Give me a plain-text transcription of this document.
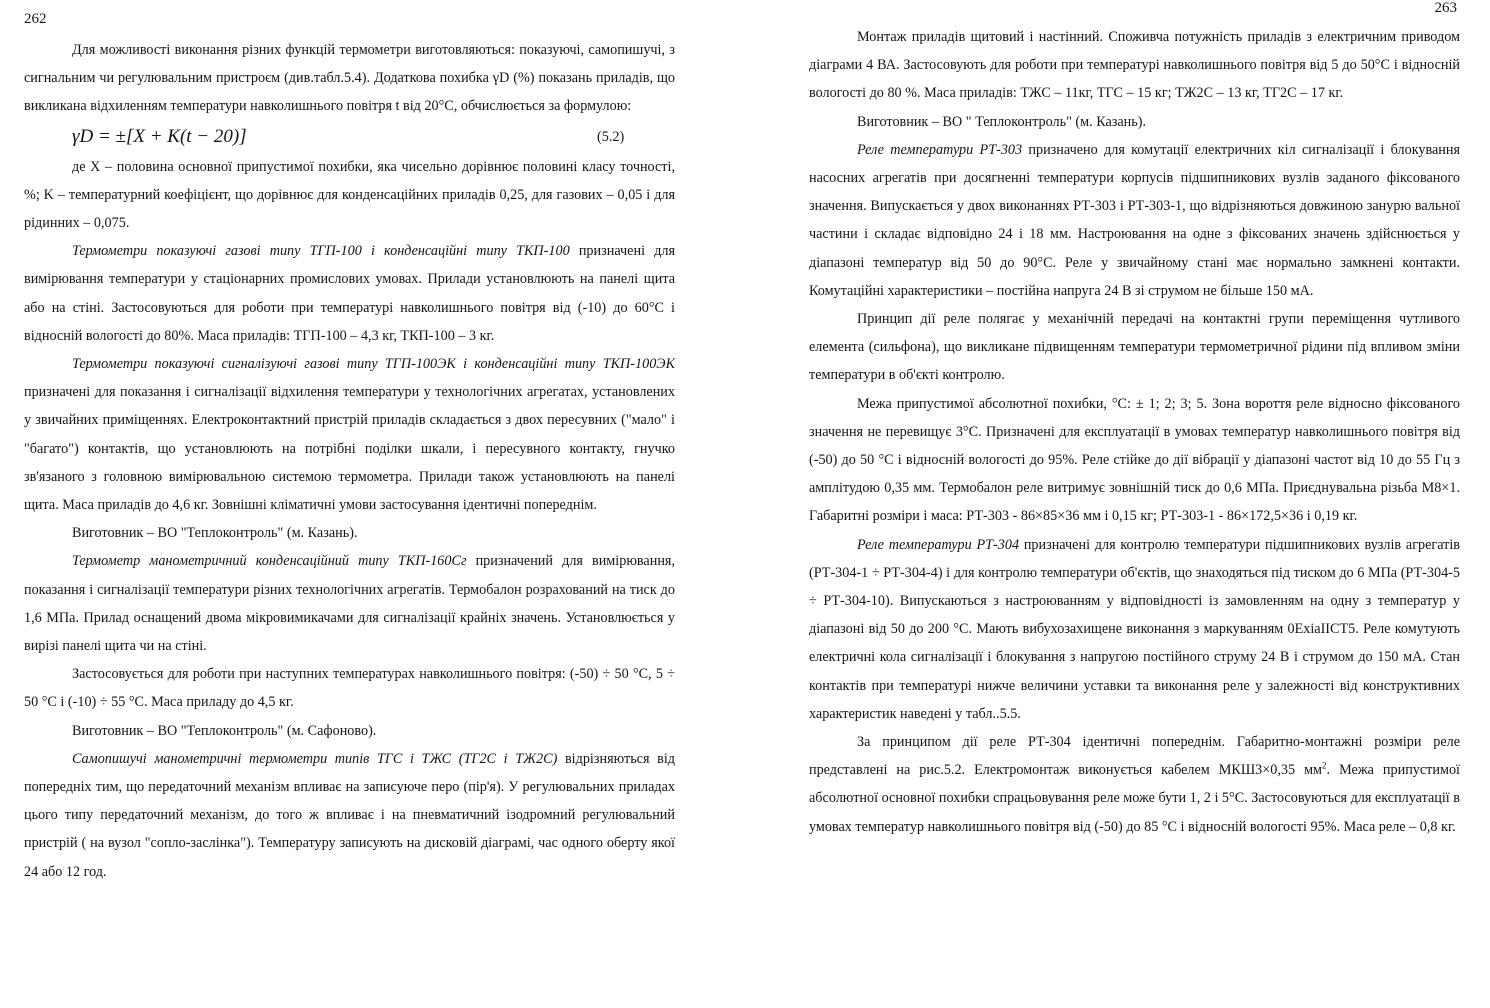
262

Для можливості виконання різних функцій термометри виготовляються: показуючі, самопишучі, з сигнальним чи регулювальним пристроєм (див.табл.5.4). Додаткова похибка γD (%) показань приладів, що викликана відхиленням температури навколишнього повітря t від 20°С, обчислюється за формулою:

γD = ±[X + K(t − 20)]	(5.2)

де X – половина основної припустимої похибки, яка чисельно дорівнює половині класу точності, %; K – температурний коефіцієнт, що дорівнює для конденсаційних приладів 0,25, для газових – 0,05 і для рідинних – 0,075.

Термометри показуючі газові типу ТГП-100 і конденсаційні типу ТКП-100 призначені для вимірювання температури у стаціонарних промислових умовах. Прилади установлюють на панелі щита або на стіні. Застосовуються для роботи при температурі навколишнього повітря від (-10) до 60°С і відносній вологості до 80%. Маса приладів: ТГП-100 – 4,3 кг, ТКП-100 – 3 кг.

Термометри показуючі сигналізуючі газові типу ТГП-100ЭК і конденсаційні типу ТКП-100ЭК призначені для показання і сигналізації відхилення температури у технологічних агрегатах, установлених у звичайних приміщеннях. Електроконтактний пристрій приладів складається з двох пересувних ("мало" і "багато") контактів, що установлюють на потрібні поділки шкали, і пересувного контакту, гнучко зв'язаного з головною вимірювальною системою термометра. Прилади також установлюють на панелі щита. Маса приладів до 4,6 кг. Зовнішні кліматичні умови застосування ідентичні попереднім.

Виготовник – ВО "Теплоконтроль" (м. Казань).

Термометр манометричний конденсаційний типу ТКП-160Сг призначений для вимірювання, показання і сигналізації температури різних технологічних агрегатів. Термобалон розрахований на тиск до 1,6 МПа. Прилад оснащений двома мікровимикачами для сигналізації крайніх значень. Установлюється у вирізі панелі щита чи на стіні.

Застосовується для роботи при наступних температурах навколишнього повітря: (-50) ÷ 50 °С, 5 ÷ 50 °С і (-10) ÷ 55 °С. Маса приладу до 4,5 кг.

Виготовник – ВО "Теплоконтроль" (м. Сафоново).

Самопишучі манометричні термометри типів ТГС і ТЖС (ТГ2С і ТЖ2С) відрізняються від попередніх тим, що передаточний механізм впливає на записуюче перо (пір'я). У регулювальних приладах цього типу передаточний механізм, до того ж впливає і на пневматичний ізодромний регулювальний пристрій ( на вузол "сопло-заслінка"). Температуру записують на дисковій діаграмі, час одного оберту якої 24 або 12 год.

263

Монтаж приладів щитовий і настінний. Споживча потужність приладів з електричним приводом діаграми 4 ВА. Застосовують для роботи при температурі навколишнього повітря від 5 до 50°С і відносній вологості до 80 %. Маса приладів: ТЖС – 11кг, ТГС – 15 кг; ТЖ2С – 13 кг, ТГ2С – 17 кг.

Виготовник – ВО " Теплоконтроль" (м. Казань).

Реле температури РТ-303 призначено для комутації електричних кіл сигналізації і блокування насосних агрегатів при досягненні температури корпусів підшипникових вузлів заданого фіксованого значення. Випускається у двох виконаннях РТ-303 і РТ-303-1, що відрізняються довжиною занурю вальної частини і складає відповідно 24 і 18 мм. Настроювання на одне з фіксованих значень здійснюється у діапазоні температур від 50 до 90°С. Реле у звичайному стані має нормально замкнені контакти. Комутаційні характеристики – постійна напруга 24 В зі струмом не більше 150 мА.

Принцип дії реле полягає у механічній передачі на контактні групи переміщення чутливого елемента (сильфона), що викликане підвищенням температури термометричної рідини під впливом зміни температури в об'єкті контролю.

Межа припустимої абсолютної похибки, °С: ± 1; 2; 3; 5. Зона вороття реле відносно фіксованого значення не перевищує 3°С. Призначені для експлуатації в умовах температур навколишнього повітря від (-50) до 50 °С і відносній вологості до 95%. Реле стійке до дії вібрації у діапазоні частот від 10 до 55 Гц з амплітудою 0,35 мм. Термобалон реле витримує зовнішній тиск до 0,6 МПа. Приєднувальна різьба М8×1. Габаритні розміри і маса: РТ-303 - 86×85×36 мм і 0,15 кг; РТ-303-1 - 86×172,5×36 і 0,19 кг.

Реле температури РТ-304 призначені для контролю температури підшипникових вузлів агрегатів (РТ-304-1 ÷ РТ-304-4) і для контролю температури об'єктів, що знаходяться під тиском до 6 МПа (РТ-304-5 ÷ РТ-304-10). Випускаються з настроюванням у відповідності із замовленням на одну з температур у діапазоні від 50 до 200 °С. Мають вибухозахищене виконання з маркуванням 0ExiaIICT5. Реле комутують електричні кола сигналізації і блокування з напругою постійного струму 24 В і струмом до 150 мА. Стан контактів при температурі нижче величини уставки та виконання реле у залежності від конструктивних характеристик наведені у табл..5.5.

За принципом дії реле РТ-304 ідентичні попереднім. Габаритно-монтажні розміри реле представлені на рис.5.2. Електромонтаж виконується кабелем МКШ3×0,35 $мм^2$. Межа припустимої абсолютної основної похибки спрацьовування реле може бути 1, 2 і 5°С. Застосовуються для експлуатації в умовах температур навколишнього повітря від (-50) до 85 °С і відносній вологості 95%. Маса реле – 0,8 кг.
